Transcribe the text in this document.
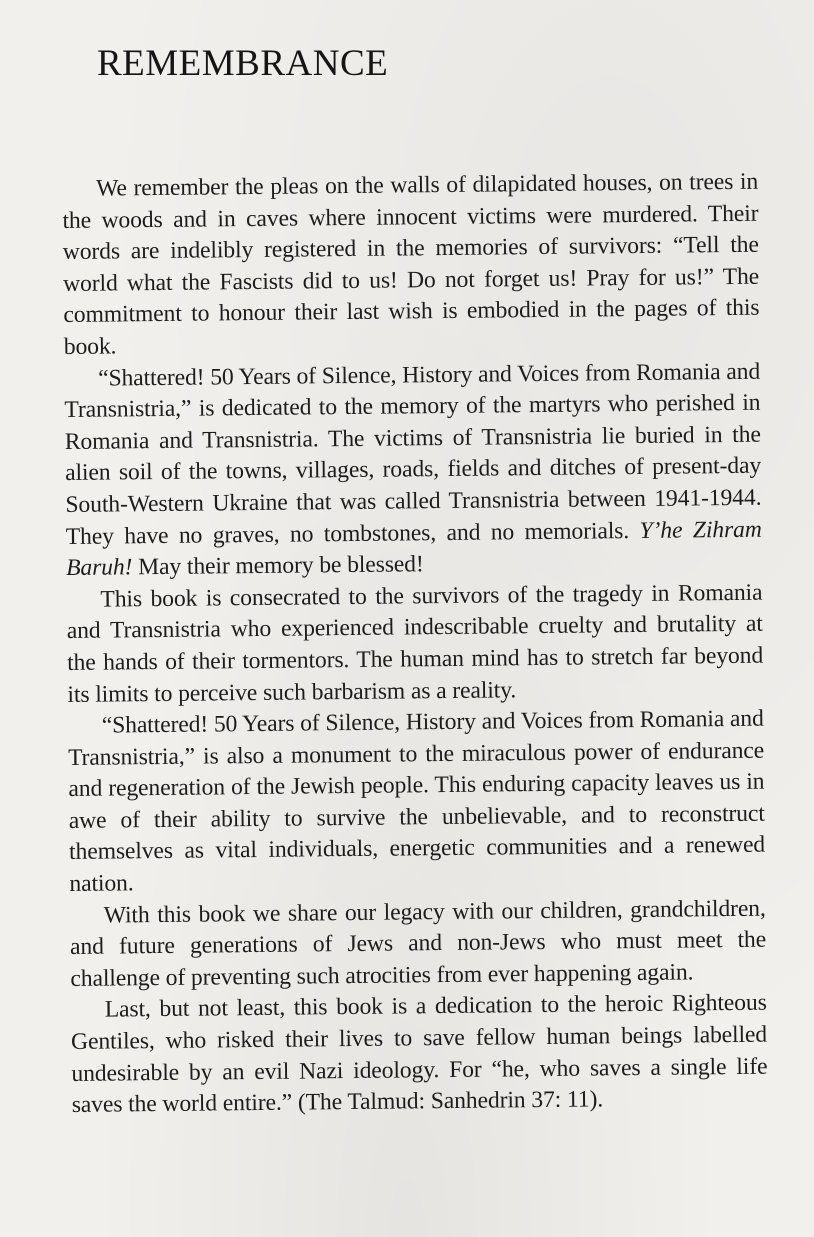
REMEMBRANCE

We remember the pleas on the walls of dilapidated houses, on trees in the woods and in caves where innocent victims were murdered. Their words are indelibly registered in the memories of survivors: “Tell the world what the Fascists did to us! Do not forget us! Pray for us!” The commitment to honour their last wish is embodied in the pages of this book.

“Shattered! 50 Years of Silence, History and Voices from Romania and Transnistria,” is dedicated to the memory of the martyrs who perished in Romania and Transnistria. The victims of Transnistria lie buried in the alien soil of the towns, villages, roads, fields and ditches of present-day South-Western Ukraine that was called Transnistria between 1941-1944. They have no graves, no tombstones, and no memorials. Y’he Zihram Baruh! May their memory be blessed!

This book is consecrated to the survivors of the tragedy in Romania and Transnistria who experienced indescribable cruelty and brutality at the hands of their tormentors. The human mind has to stretch far beyond its limits to perceive such barbarism as a reality.

“Shattered! 50 Years of Silence, History and Voices from Romania and Transnistria,” is also a monument to the miraculous power of endurance and regeneration of the Jewish people. This enduring capacity leaves us in awe of their ability to survive the unbelievable, and to reconstruct themselves as vital individuals, energetic communities and a renewed nation.

With this book we share our legacy with our children, grandchildren, and future generations of Jews and non-Jews who must meet the challenge of preventing such atrocities from ever happening again.

Last, but not least, this book is a dedication to the heroic Righteous Gentiles, who risked their lives to save fellow human beings labelled undesirable by an evil Nazi ideology. For “he, who saves a single life saves the world entire.” (The Talmud: Sanhedrin 37: 11).
